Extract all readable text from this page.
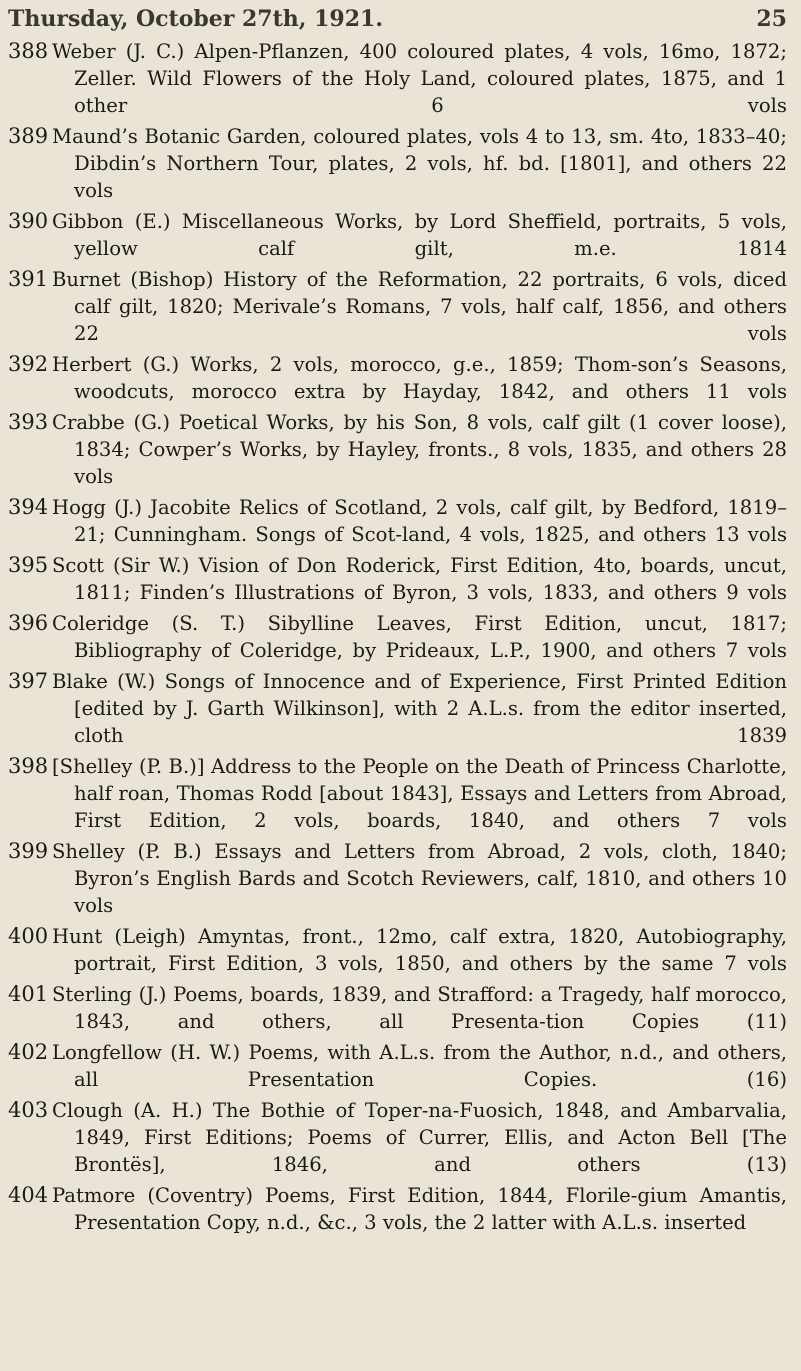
Thursday, October 27th, 1921.	25
388 Weber (J. C.) Alpen-Pflanzen, 400 coloured plates, 4 vols, 16mo, 1872; Zeller. Wild Flowers of the Holy Land, coloured plates, 1875, and 1 other 6 vols
389 Maund’s Botanic Garden, coloured plates, vols 4 to 13, sm. 4to, 1833–40; Dibdin’s Northern Tour, plates, 2 vols, hf. bd. [1801], and others 22 vols
390 Gibbon (E.) Miscellaneous Works, by Lord Sheffield, portraits, 5 vols, yellow calf gilt, m.e. 1814
391 Burnet (Bishop) History of the Reformation, 22 portraits, 6 vols, diced calf gilt, 1820; Merivale’s Romans, 7 vols, half calf, 1856, and others 22 vols
392 Herbert (G.) Works, 2 vols, morocco, g.e., 1859; Thom-son’s Seasons, woodcuts, morocco extra by Hayday, 1842, and others 11 vols
393 Crabbe (G.) Poetical Works, by his Son, 8 vols, calf gilt (1 cover loose), 1834; Cowper’s Works, by Hayley, fronts., 8 vols, 1835, and others 28 vols
394 Hogg (J.) Jacobite Relics of Scotland, 2 vols, calf gilt, by Bedford, 1819–21; Cunningham. Songs of Scot-land, 4 vols, 1825, and others 13 vols
395 Scott (Sir W.) Vision of Don Roderick, First Edition, 4to, boards, uncut, 1811; Finden’s Illustrations of Byron, 3 vols, 1833, and others 9 vols
396 Coleridge (S. T.) Sibylline Leaves, First Edition, uncut, 1817; Bibliography of Coleridge, by Prideaux, L.P., 1900, and others 7 vols
397 Blake (W.) Songs of Innocence and of Experience, First Printed Edition [edited by J. Garth Wilkinson], with 2 A.L.s. from the editor inserted, cloth 1839
398 [Shelley (P. B.)] Address to the People on the Death of Princess Charlotte, half roan, Thomas Rodd [about 1843], Essays and Letters from Abroad, First Edition, 2 vols, boards, 1840, and others 7 vols
399 Shelley (P. B.) Essays and Letters from Abroad, 2 vols, cloth, 1840; Byron’s English Bards and Scotch Reviewers, calf, 1810, and others 10 vols
400 Hunt (Leigh) Amyntas, front., 12mo, calf extra, 1820, Autobiography, portrait, First Edition, 3 vols, 1850, and others by the same 7 vols
401 Sterling (J.) Poems, boards, 1839, and Strafford: a Tragedy, half morocco, 1843, and others, all Presenta-tion Copies (11)
402 Longfellow (H. W.) Poems, with A.L.s. from the Author, n.d., and others, all Presentation Copies. (16)
403 Clough (A. H.) The Bothie of Toper-na-Fuosich, 1848, and Ambarvalia, 1849, First Editions; Poems of Currer, Ellis, and Acton Bell [The Brontës], 1846, and others (13)
404 Patmore (Coventry) Poems, First Edition, 1844, Florile-gium Amantis, Presentation Copy, n.d., &c., 3 vols, the 2 latter with A.L.s. inserted
